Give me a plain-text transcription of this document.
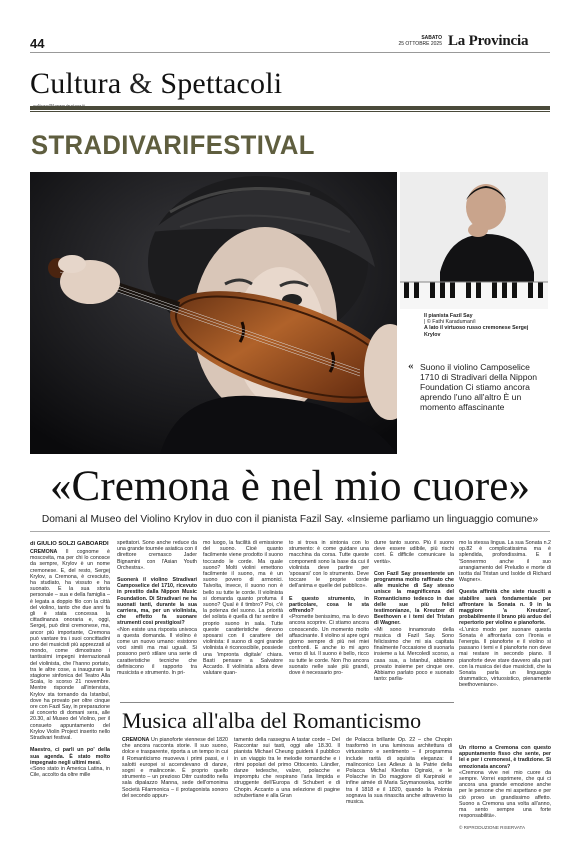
44	SABATO
25 OTTOBRE 2025 La Provincia
Cultura & Spettacoli
STRADIVARIFESTIVAL
Il pianista Fazil Say
| © Fathi Karaduman/i
A lato il virtuoso russo cremonese Sergej Krylov
« Suono il violino Camposelice 1710 di Stradivari della Nippon Foundation Ci stiamo ancora aprendo l'uno all'altro È un momento affascinante
«Cremona è nel mio cuore»
Domani al Museo del Violino Krylov in duo con il pianista Fazil Say. «Insieme parliamo un linguaggio comune»
di GIULIO SOLZI GABOARDI
CREMONA Il cognome è moscovita, ma per chi lo conosce da sempre, Krylov è un nome cremonese. E, del resto, Sergej Krylov, a Cremona, è cresciuto, ha studiato, ha vissuto e ha suonato. E la sua storia personale – sua e della famiglia – è legata a doppio filo con la città del violino, tanto che due anni fa gli è stata concessa la cittadinanza onoraria e, oggi, Sergej, può dirsi cremonese, ma, ancor più importante, Cremona può vantare tra i suoi concittadini uno dei musicisti più apprezzati al mondo, come dimostrano i tantissimi impegni internazionali del violinista, che l'hanno portato, tra le altre cose, a inaugurare la stagione sinfonica del Teatro Alla Scala, lo scorso 21 novembre. Mentre risponde all'intervista, Krylov sta tornando da Istanbul, dove ha provato per oltre cinque ore con Fazil Say, in preparazione al concerto di domani sera, alle 20.30, al Museo del Violino, per il consueto appuntamento del Krylov Violin Project inserito nello Stradivari festival.
Maestro, ci parli un po' della sua agenda. È stato molto impegnato negli ultimi mesi.
«Sono stato in America Latina, in Cile, accolto da oltre mille
spettatori. Sono anche reduce da una grande tournée asiatica con il direttore cremasco Jader Bignamini con l'Asian Youth Orchestra».
Suonerà il violino Stradivari Camposelice del 1710, ricevuto in prestito dalla Nippon Music Foundation. Di Stradivari ne ha suonati tanti, durante la sua carriera, ma, per un violinista, che effetto fa suonare strumenti così prestigiosi?
«Non esiste una risposta univoca a questa domanda. Il violino è come un nuovo umano: esistono voci simili ma mai uguali. Si possono però stilare una serie di caratteristiche tecniche che definiscono il rapporto tra musicista e strumento. In pri-
mo luogo, la facilità di emissione del suono. Cioè quanto facilmente viene prodotto il suono toccando le corde. Ma quale suono? Molti violini emettono facilmente il suono, ma è un suono povero di armonici. Talvolta, invece, il suono non è bello su tutte le corde. Il violinista si domanda quanto profuma il suono? Qual è il timbro? Poi, c'è la potenza del suono. La priorità del solista è quella di far sentire il proprio suono in sala. Tutte queste caratteristiche devono sposarsi con il carattere del violinista: il suono di ogni grande violinista è riconoscibile, possiede una 'impronta digitale' chiara. Basti pensare a Salvatore Accardo. Il violinista allora deve valutare quan-
to si trova in sintonia con lo strumento: è come guidare una macchina da corsa. Tutte queste componenti sono la base da cui il violinista deve partire per 'sposarsi' con lo strumento. Deve toccare le proprie corde dell'anima e quelle del pubblico».
E questo strumento, in particolare, cosa le sta offrendo?
«Promette benissimo, ma lo devo ancora scoprire. Ci stiamo ancora conoscendo. Un momento molto affascinante. Il violino si apre ogni giorno sempre di più nei miei confronti. E anche io mi apro verso di lui. Il suono è bello, ricco su tutte le corde. Non l'ho ancora suonato nelle sale più grandi, dove è necessario pro-
durre tanto suono. Più il suono deve essere udibile, più rischi corri. È difficile comunicare la verità».
Con Fazil Say presenterete un programma molto raffinato che alle musiche di Say stesso unisce la magnificenza del Romanticismo tedesco in due delle sue più felici testimonianze, la Kreutzer di Beethoven e i temi del Tristan di Wagner.
«Mi sono innamorato della musica di Fazil Say. Sono felicissimo che mi sia capitata finalmente l'occasione di suonarla insieme a lui. Mercoledì scorso, a casa sua, a Istanbul, abbiamo provato insieme per cinque ore. Abbiamo parlato poco e suonato tanto: parlia-
mo la stessa lingua. La sua Sonata n.2 op.82 è complicatissima ma è splendida, profondissima. E il 'Sonnerrmo anche il suo arrangiamento del Preludio e morte di Isotta dal Tristan und Isolde di Richard Wagner».
Questa affinità che siete riusciti a stabilire sarà fondamentale per affrontare la Sonata n. 9 in la maggiore 'a Kreutzer', probabilmente il brano più arduo del repertorio per violino e pianoforte.
«L'unico modo per suonare questa Sonata è affrontarla con l'ironia e l'energia. Il pianoforte e il violino si passano i temi e il pianoforte non deve mai restare in secondo piano. Il pianoforte deve stare davvero alla pari con la musica dei due musicisti, che la Sonata parla un linguaggio drammatico, virtuosistico, pienamente beethoveniano».
Un ritorno a Cremona con questo appuntamento fisso che sente, per lei e per i cremonesi, è tradizione. Sì emozionata ancora?
«Cremona vive nei mio cuore da sempre. Vorrei esprimere, che qui ci ancora una grande emozione anche per le persone che mi aspettano e per ciò provo un grandissimo affetto. Suono a Cremona una volta all'anno, ma sento sempre una forte responsabilità».
© RIPRODUZIONE RISERVATA
Musica all'alba del Romanticismo
CREMONA Un pianoforte viennese del 1820 che ancora racconta storie. Il suo suono, dolce e trasparente, riporta a un tempo in cui il Romanticismo muoveva i primi passi, e i salotti europei si accendevano di danze, sogni e malinconie. È proprio quello strumento – un prezioso Ditrr custodito nella sala dipalazzo Manna, sede dell'omonima Società Filarmonica – il protagonista sonoro del secondo appun-
tamento della rassegna A tastar corde – Del Raccontar sui tasti, oggi alle 18.30. Il pianista Michael Cheung guiderà il pubblico in un viaggio tra le melodie romantiche e i ritmi popolari del primo Ottocento. Ländler, danze tedesche, valzer, polacche e impromptu che respirano l'aria limpida e struggente dell'Europa di Schubert e di Chopin. Accanto a una selezione di pagine schubertiane e alla Gran
de Polacca brillante Op. 22 – che Chopin trasformò in una luminosa architettura di virtuosismo e sentimento – il programma include rarità di squisita eleganza: il malinconico Les Adieux à la Patrie della Polacca Michal Kleofas Oginski, e le Polacche in Do maggiore di Karpinski e infine aimée di Maria Szymanowska, scritte tra il 1818 e il 1820, quando la Polonia sognava la sua rinascita anche attraverso la musica.
